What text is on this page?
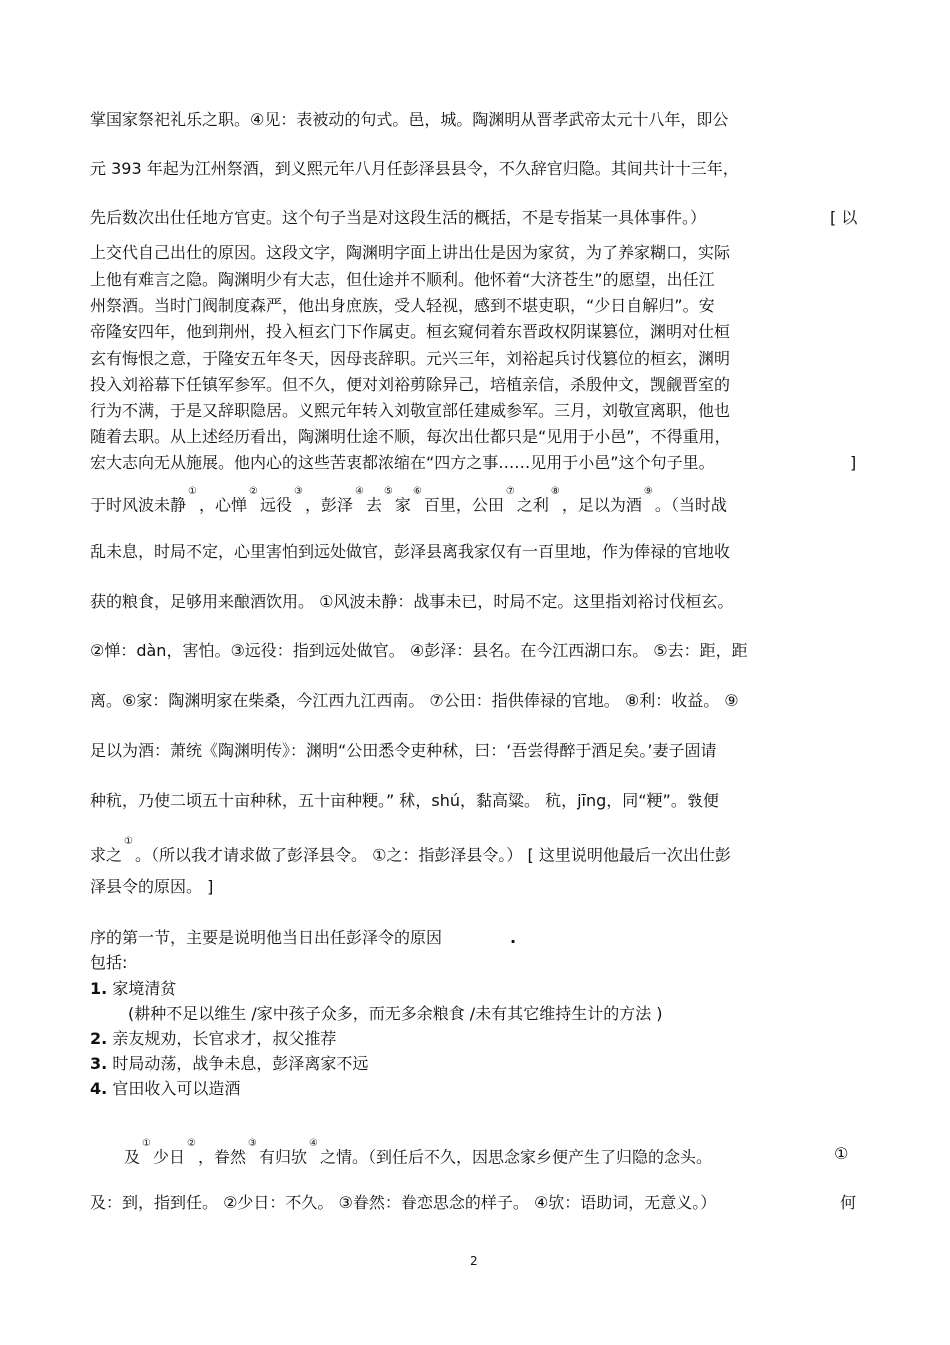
掌国家祭祀礼乐之职。④见：表被动的句式。邑，城。陶渊明从晋孝武帝太元十八年，即公
元 393 年起为江州祭酒，到义熙元年八月任彭泽县县令，不久辞官归隐。其间共计十三年，
先后数次出仕任地方官吏。这个句子当是对这段生活的概括，不是专指某一具体事件。）	[ 以
上交代自己出仕的原因。这段文字，陶渊明字面上讲出仕是因为家贫，为了养家糊口，实际
上他有难言之隐。陶渊明少有大志，但仕途并不顺利。他怀着“大济苍生”的愿望，出任江
州祭酒。当时门阀制度森严，他出身庶族，受人轻视，感到不堪吏职，“少日自解归”。安
帝隆安四年，他到荆州，投入桓玄门下作属吏。桓玄窥伺着东晋政权阴谋篡位，渊明对仕桓
玄有悔恨之意，于隆安五年冬天，因母丧辞职。元兴三年，刘裕起兵讨伐篡位的桓玄，渊明
投入刘裕幕下任镇军参军。但不久，便对刘裕剪除异己，培植亲信，杀殷仲文，觊觎晋室的
行为不满，于是又辞职隐居。义熙元年转入刘敬宣部任建威参军。三月，刘敬宣离职，他也
随着去职。从上述经历看出，陶渊明仕途不顺，每次出仕都只是“见用于小邑”，不得重用，
宏大志向无从施展。他内心的这些苦衷都浓缩在“四方之事……见用于小邑”这个句子里。	]
于时风波未静①，心惮②远役③，彭泽④去⑤家⑥百里，公田⑦之利⑧，足以为酒⑨。（当时战
乱未息，时局不定，心里害怕到远处做官，彭泽县离我家仅有一百里地，作为俸禄的官地收
获的粮食，足够用来酿酒饮用。 ①风波未静：战事未已，时局不定。这里指刘裕讨伐桓玄。
②惮：dàn，害怕。③远役：指到远处做官。 ④彭泽：县名。在今江西湖口东。 ⑤去：距，距
离。⑥家：陶渊明家在柴桑，今江西九江西南。 ⑦公田：指供俸禄的官地。 ⑧利：收益。 ⑨
足以为酒：萧统《陶渊明传》：渊明“公田悉令吏种秫，曰：‘吾尝得醉于酒足矣。’妻子固请
种秔，乃使二顷五十亩种秫，五十亩种粳。” 秫，shú，黏高粱。 秔，jīng，同“粳”。𢽾便
求之①。（所以我才请求做了彭泽县令。 ①之：指彭泽县令。） [ 这里说明他最后一次出仕彭
泽县令的原因。 ]
序的第一节，主要是说明他当日出任彭泽令的原因	.
包括:
1. 家境清贫
(耕种不足以维生 /家中孩子众多，而无多余粮食 /未有其它维持生计的方法 )
2. 亲友规劝，长官求才，叔父推荐
3. 时局动荡，战争未息，彭泽离家不远
4. 官田收入可以造酒
及①少日②，眷然③有归欤④之情。（到任后不久，因思念家乡便产生了归隐的念头。	①
及：到，指到任。 ②少日：不久。 ③眷然：眷恋思念的样子。 ④欤：语助词，无意义。）	何
2
